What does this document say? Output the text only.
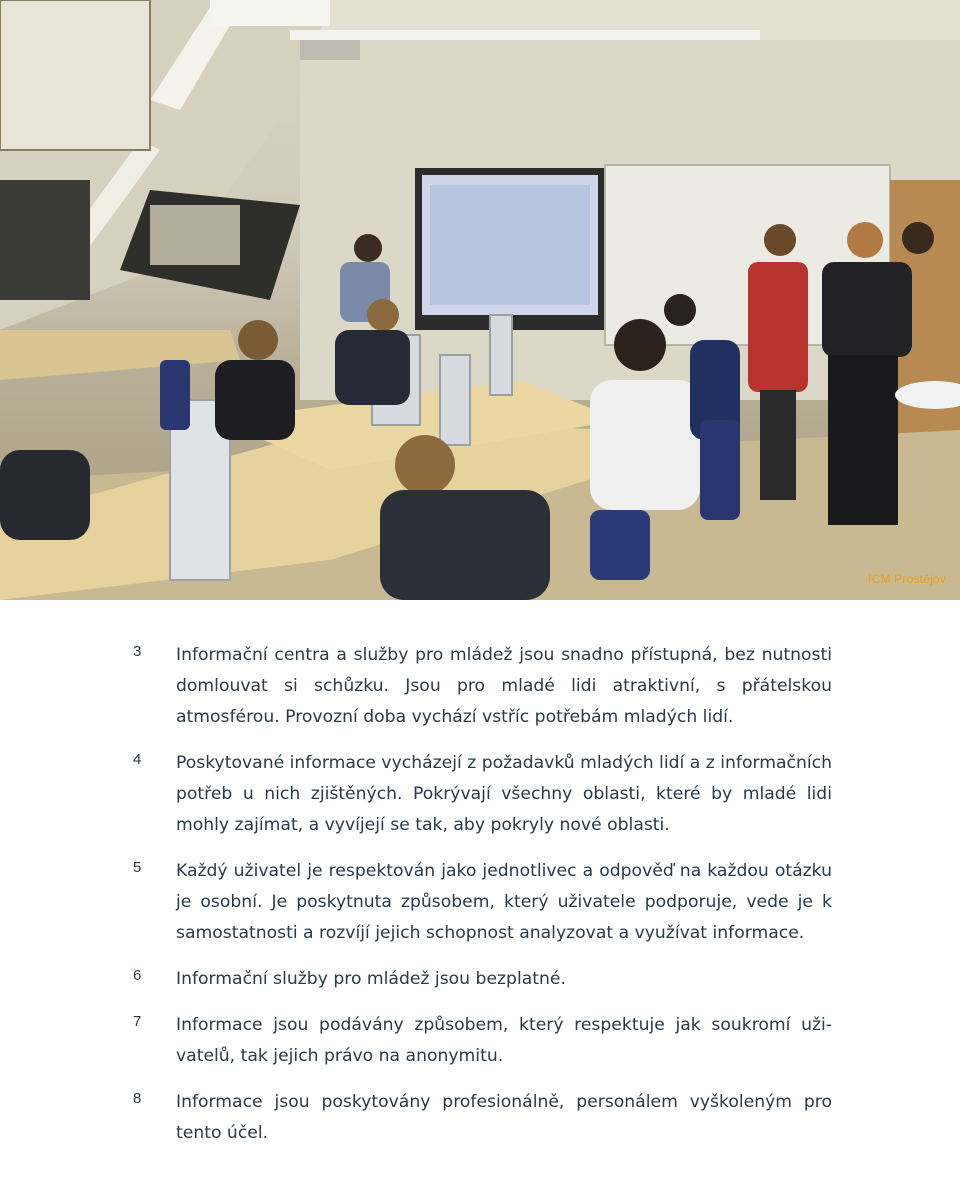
ICM Prostějov
3 Informační centra a služby pro mládež jsou snadno přístupná, bez nutnosti domlouvat si schůzku. Jsou pro mladé lidi atraktivní, s přátelskou atmosférou. Provozní doba vychází vstříc potřebám mladých lidí.
4 Poskytované informace vycházejí z požadavků mladých lidí a z informačních potřeb u nich zjištěných. Pokrývají všechny oblasti, které by mladé lidi mohly zajímat, a vyvíjejí se tak, aby pokryly nové oblasti.
5 Každý uživatel je respektován jako jednotlivec a odpověď na každou otázku je osobní. Je poskytnuta způsobem, který uživatele podporuje, vede je k samostatnosti a rozvíjí jejich schopnost analyzovat a využívat informace.
6 Informační služby pro mládež jsou bezplatné.
7 Informace jsou podávány způsobem, který respektuje jak soukromí uživatelů, tak jejich právo na anonymitu.
8 Informace jsou poskytovány profesionálně, personálem vyškoleným pro tento účel.
